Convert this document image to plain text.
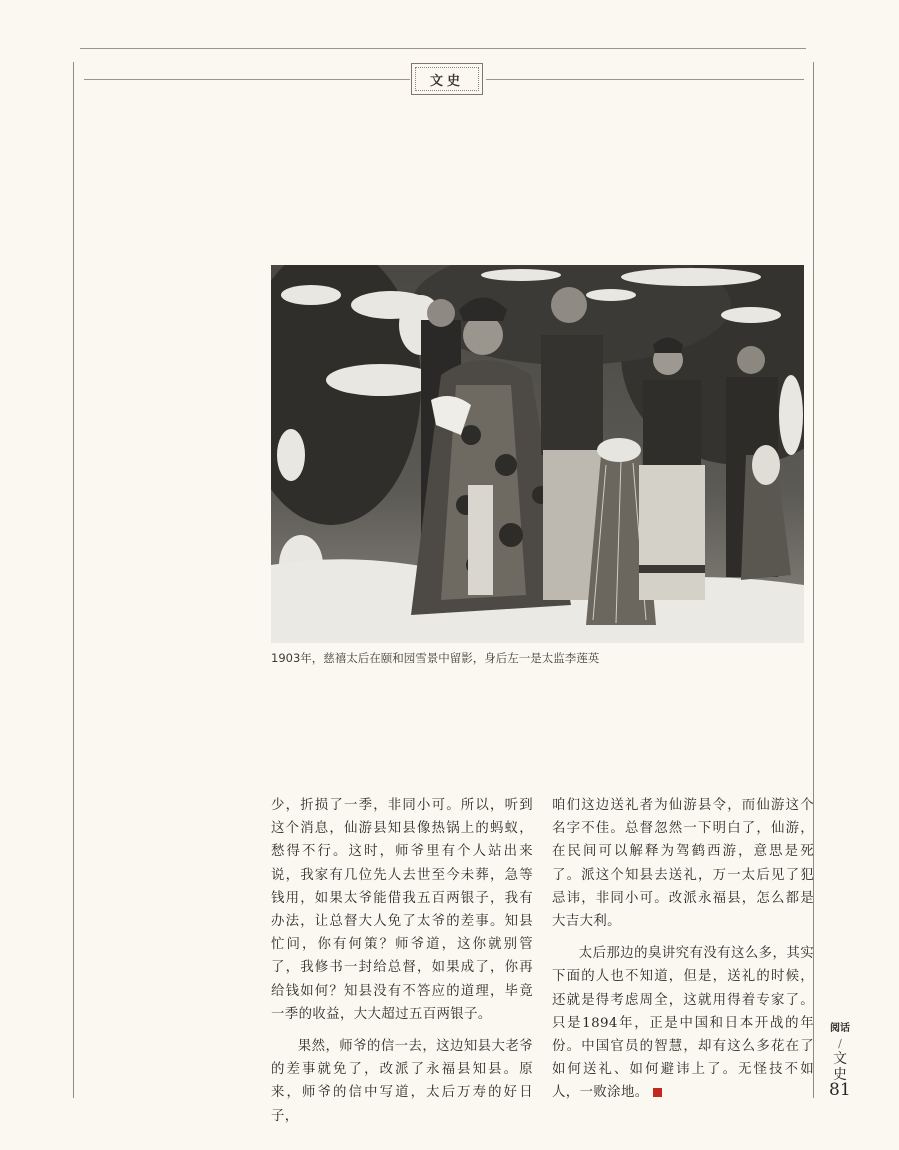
文史
1903年，慈禧太后在颐和园雪景中留影，身后左一是太监李莲英

少，折损了一季，非同小可。所以，听到这个消息，仙游县知县像热锅上的蚂蚁，愁得不行。这时，师爷里有个人站出来说，我家有几位先人去世至今未葬，急等钱用，如果太爷能借我五百两银子，我有办法，让总督大人免了太爷的差事。知县忙问，你有何策？师爷道，这你就别管了，我修书一封给总督，如果成了，你再给钱如何？知县没有不答应的道理，毕竟一季的收益，大大超过五百两银子。

果然，师爷的信一去，这边知县大老爷的差事就免了，改派了永福县知县。原来，师爷的信中写道，太后万寿的好日子，

咱们这边送礼者为仙游县令，而仙游这个名字不佳。总督忽然一下明白了，仙游，在民间可以解释为驾鹤西游，意思是死了。派这个知县去送礼，万一太后见了犯忌讳，非同小可。改派永福县，怎么都是大吉大利。

太后那边的臭讲究有没有这么多，其实下面的人也不知道，但是，送礼的时候，还就是得考虑周全，这就用得着专家了。只是1894年，正是中国和日本开战的年份。中国官员的智慧，却有这么多花在了如何送礼、如何避讳上了。无怪技不如人，一败涂地。

阅话
/
文史
81
